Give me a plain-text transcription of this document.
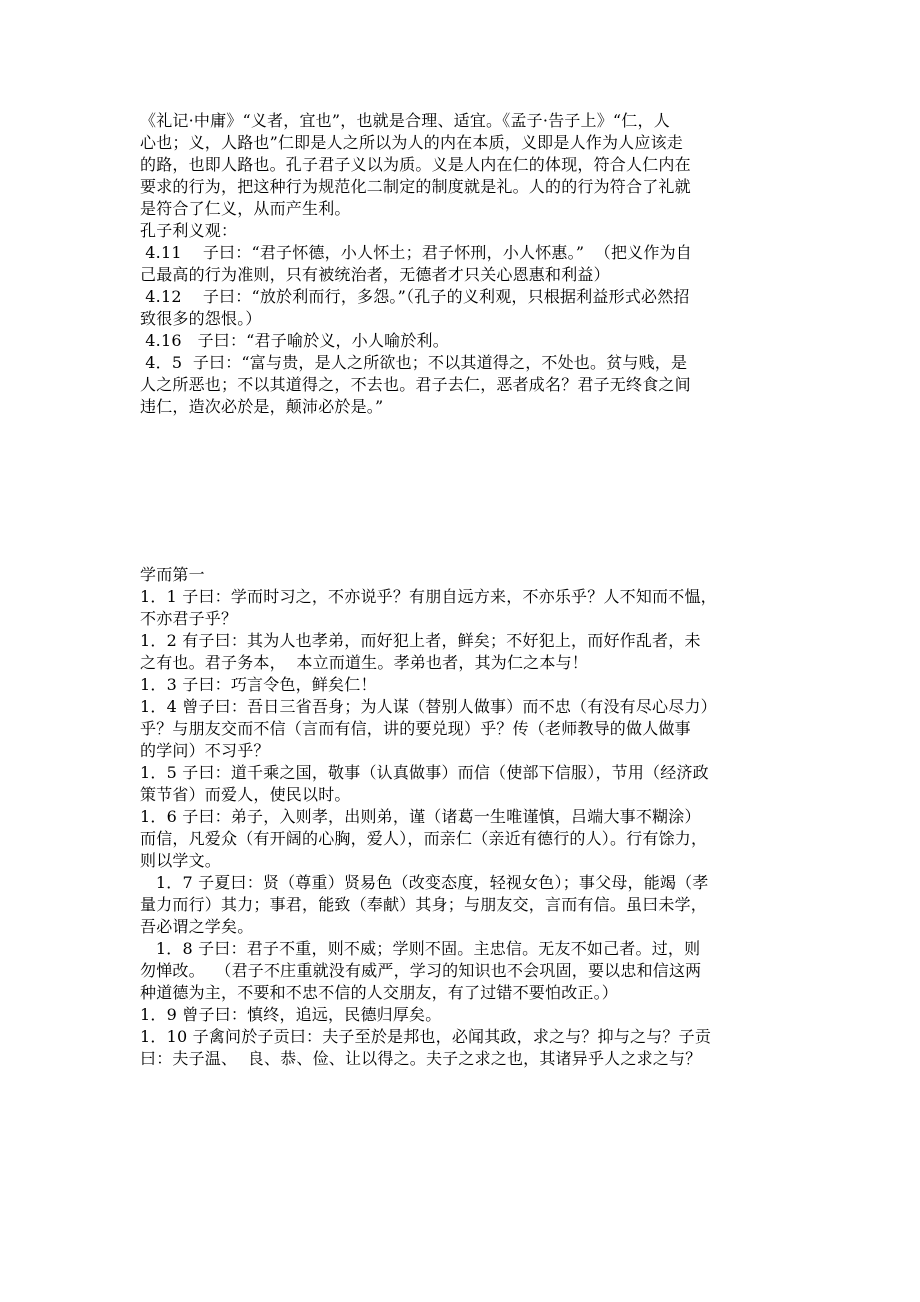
《礼记·中庸》“义者，宜也”，也就是合理、适宜。《孟子·告子上》“仁，人
心也；义，人路也”仁即是人之所以为人的内在本质，义即是人作为人应该走
的路，也即人路也。孔子君子义以为质。义是人内在仁的体现，符合人仁内在
要求的行为，把这种行为规范化二制定的制度就是礼。人的的行为符合了礼就
是符合了仁义，从而产生利。
孔子利义观：
4.11    子曰：“君子怀德，小人怀土；君子怀刑，小人怀惠。”  （把义作为自
己最高的行为准则，只有被统治者，无德者才只关心恩惠和利益）
4.12    子曰：“放於利而行，多怨。”（孔子的义利观，只根据利益形式必然招
致很多的怨恨。）
4.16   子曰：“君子喻於义，小人喻於利。
4．5  子曰：“富与贵，是人之所欲也；不以其道得之，不处也。贫与贱，是
人之所恶也；不以其道得之，不去也。君子去仁，恶者成名？君子无终食之间
违仁，造次必於是，颠沛必於是。”
学而第一
1．1 子曰：学而时习之，不亦说乎？有朋自远方来，不亦乐乎？人不知而不愠，
不亦君子乎？
1．2 有子曰：其为人也孝弟，而好犯上者，鲜矣；不好犯上，而好作乱者，未
之有也。君子务本，  本立而道生。孝弟也者，其为仁之本与！
1．3 子曰：巧言令色，鲜矣仁！
1．4 曾子曰：吾日三省吾身；为人谋（替别人做事）而不忠（有没有尽心尽力）
乎？与朋友交而不信（言而有信，讲的要兑现）乎？传（老师教导的做人做事
的学问）不习乎？
1．5 子曰：道千乘之国，敬事（认真做事）而信（使部下信服），节用（经济政
策节省）而爱人，使民以时。
1．6 子曰：弟子，入则孝，出则弟，谨（诸葛一生唯谨慎，吕端大事不糊涂）
而信，凡爱众（有开阔的心胸，爱人），而亲仁（亲近有德行的人）。行有馀力，
则以学文。
1．7 子夏曰：贤（尊重）贤易色（改变态度，轻视女色）；事父母，能竭（孝
量力而行）其力；事君，能致（奉献）其身；与朋友交，言而有信。虽曰未学，
吾必谓之学矣。
1．8 子曰：君子不重，则不威；学则不固。主忠信。无友不如己者。过，则
勿惮改。  （君子不庄重就没有威严，学习的知识也不会巩固，要以忠和信这两
种道德为主，不要和不忠不信的人交朋友，有了过错不要怕改正。）
1．9 曾子曰：慎终，追远，民德归厚矣。
1．10 子禽问於子贡曰：夫子至於是邦也，必闻其政，求之与？抑与之与？子贡
曰：夫子温、  良、恭、俭、让以得之。夫子之求之也，其诸异乎人之求之与？
